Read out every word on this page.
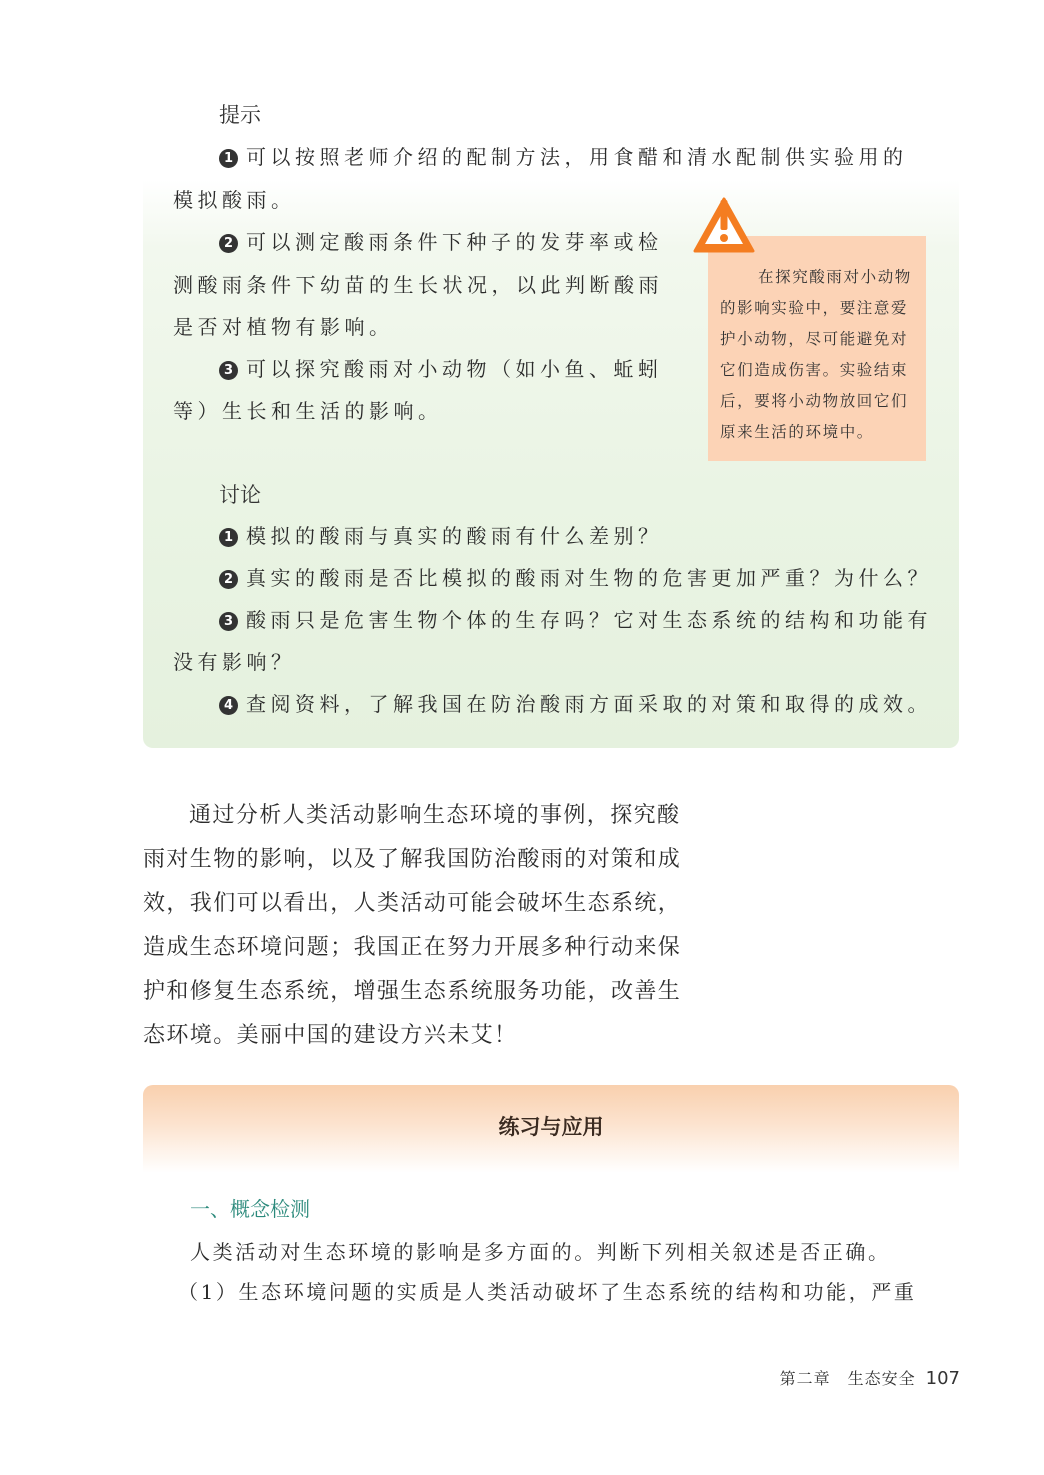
提示

1 可以按照老师介绍的配制方法，用食醋和清水配制供实验用的

模拟酸雨。

2 可以测定酸雨条件下种子的发芽率或检

测酸雨条件下幼苗的生长状况，以此判断酸雨

是否对植物有影响。

3 可以探究酸雨对小动物（如小鱼、蚯蚓

等）生长和生活的影响。

在探究酸雨对小动物的影响实验中，要注意爱护小动物，尽可能避免对它们造成伤害。实验结束后，要将小动物放回它们原来生活的环境中。

讨论

1 模拟的酸雨与真实的酸雨有什么差别？

2 真实的酸雨是否比模拟的酸雨对生物的危害更加严重？为什么？

3 酸雨只是危害生物个体的生存吗？它对生态系统的结构和功能有

没有影响？

4 查阅资料，了解我国在防治酸雨方面采取的对策和取得的成效。

通过分析人类活动影响生态环境的事例，探究酸雨对生物的影响，以及了解我国防治酸雨的对策和成效，我们可以看出，人类活动可能会破坏生态系统，造成生态环境问题；我国正在努力开展多种行动来保护和修复生态系统，增强生态系统服务功能，改善生态环境。美丽中国的建设方兴未艾！

练习与应用
一、概念检测

人类活动对生态环境的影响是多方面的。判断下列相关叙述是否正确。

（1）生态环境问题的实质是人类活动破坏了生态系统的结构和功能，严重

第二章　生态安全 107
